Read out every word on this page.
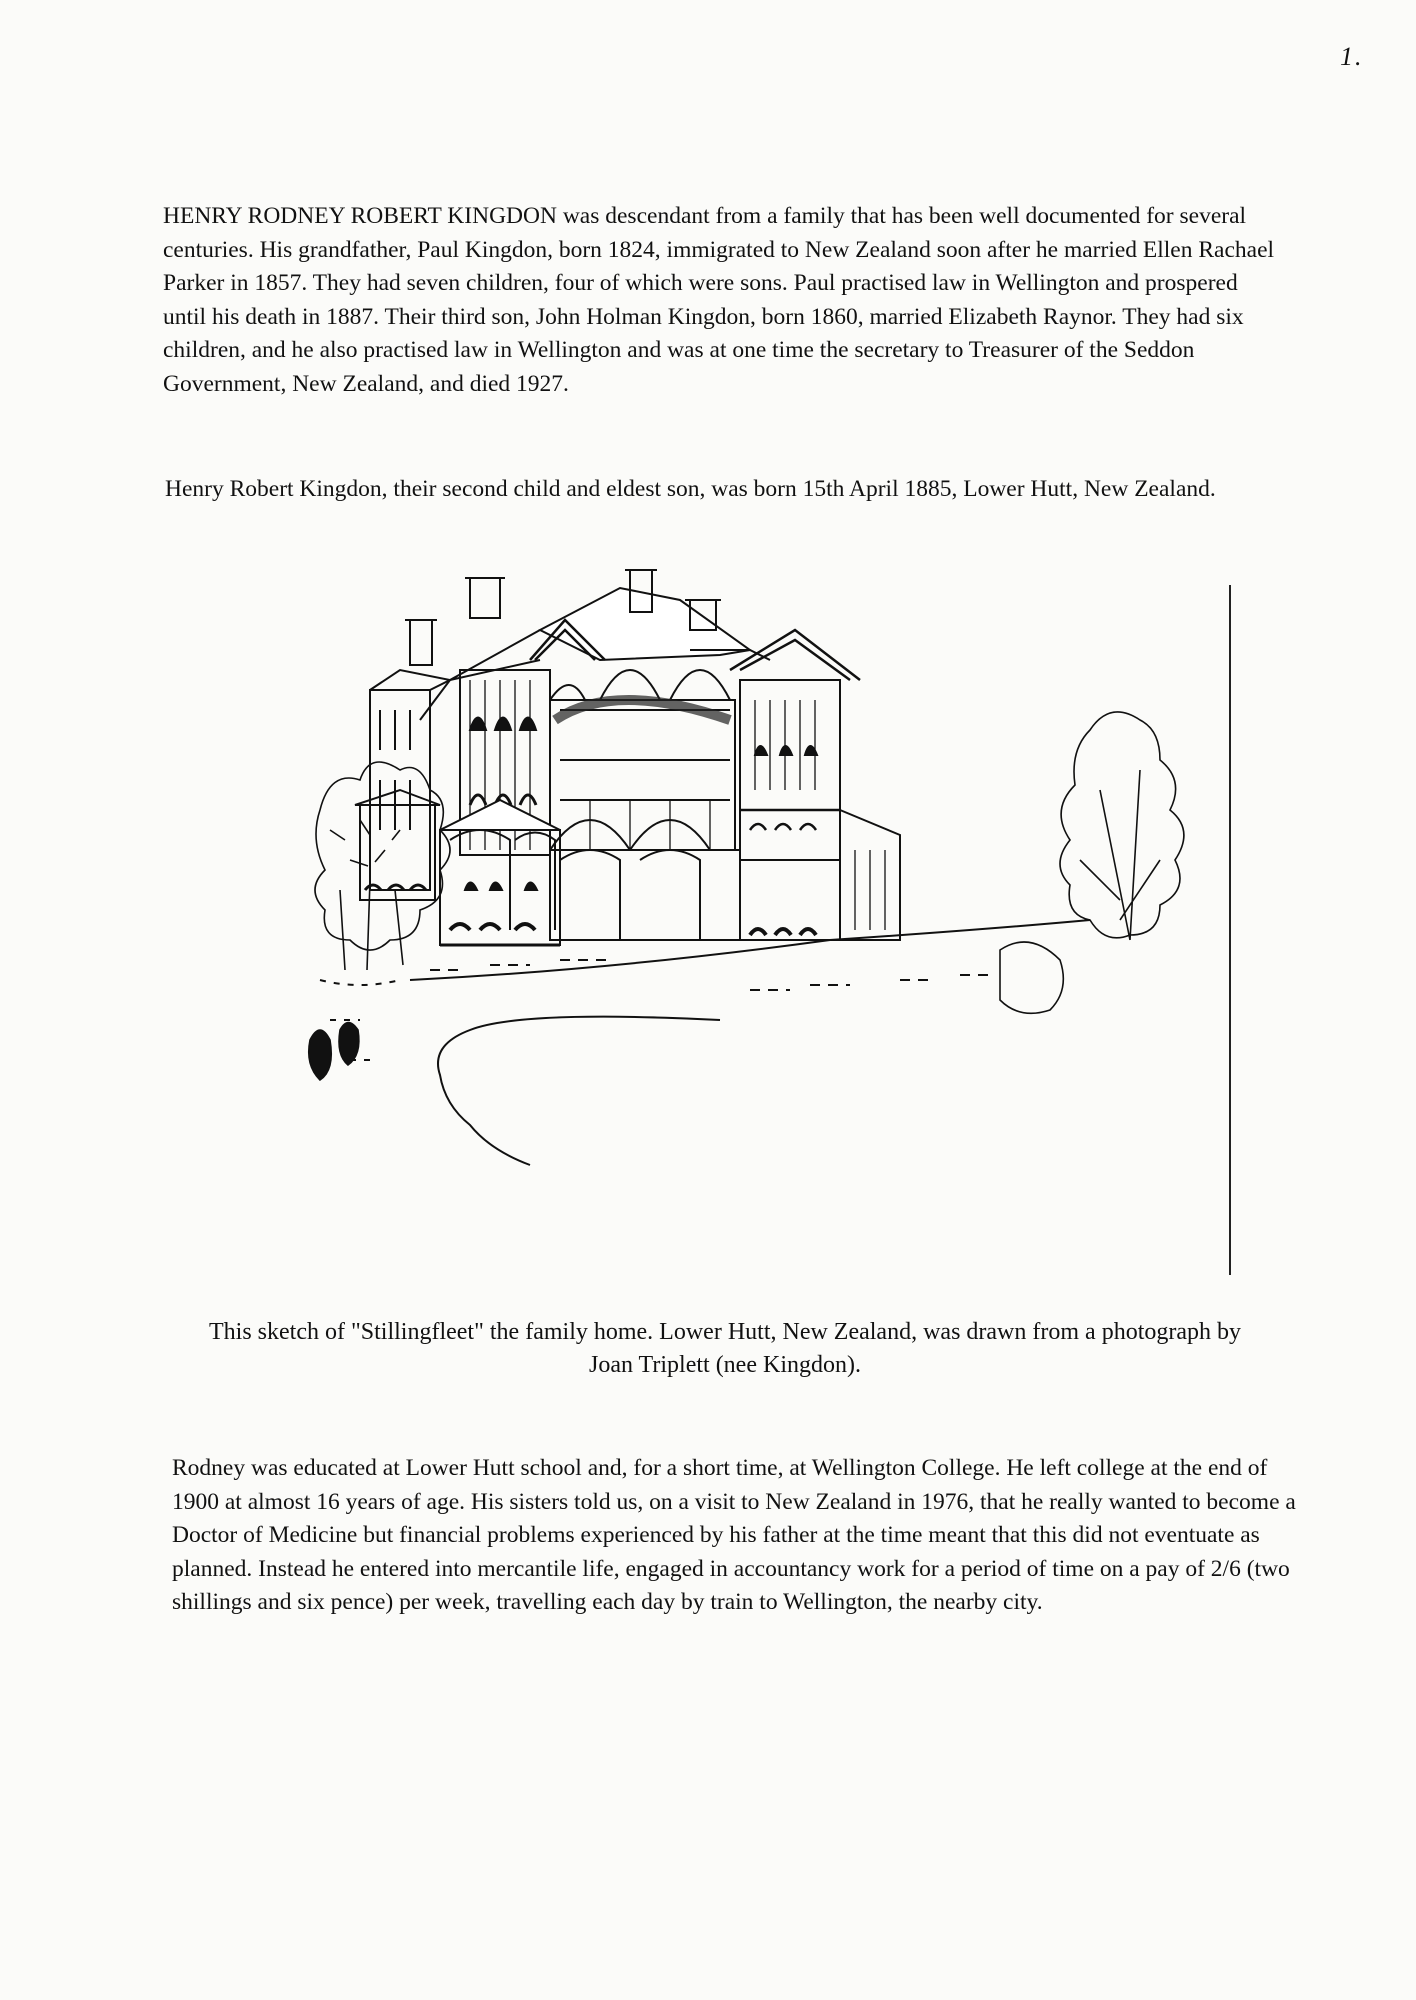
1.

HENRY RODNEY ROBERT KINGDON was descendant from a family that has been well documented for several centuries. His grandfather, Paul Kingdon, born 1824, immigrated to New Zealand soon after he married Ellen Rachael Parker in 1857. They had seven children, four of which were sons. Paul practised law in Wellington and prospered until his death in 1887. Their third son, John Holman Kingdon, born 1860, married Elizabeth Raynor. They had six children, and he also practised law in Wellington and was at one time the secretary to Treasurer of the Seddon Government, New Zealand, and died 1927.

Henry Robert Kingdon, their second child and eldest son, was born 15th April 1885, Lower Hutt, New Zealand.

This sketch of "Stillingfleet" the family home. Lower Hutt, New Zealand, was drawn from a photograph by Joan Triplett (nee Kingdon).

Rodney was educated at Lower Hutt school and, for a short time, at Wellington College. He left college at the end of 1900 at almost 16 years of age. His sisters told us, on a visit to New Zealand in 1976, that he really wanted to become a Doctor of Medicine but financial problems experienced by his father at the time meant that this did not eventuate as planned. Instead he entered into mercantile life, engaged in accountancy work for a period of time on a pay of 2/6 (two shillings and six pence) per week, travelling each day by train to Wellington, the nearby city.
